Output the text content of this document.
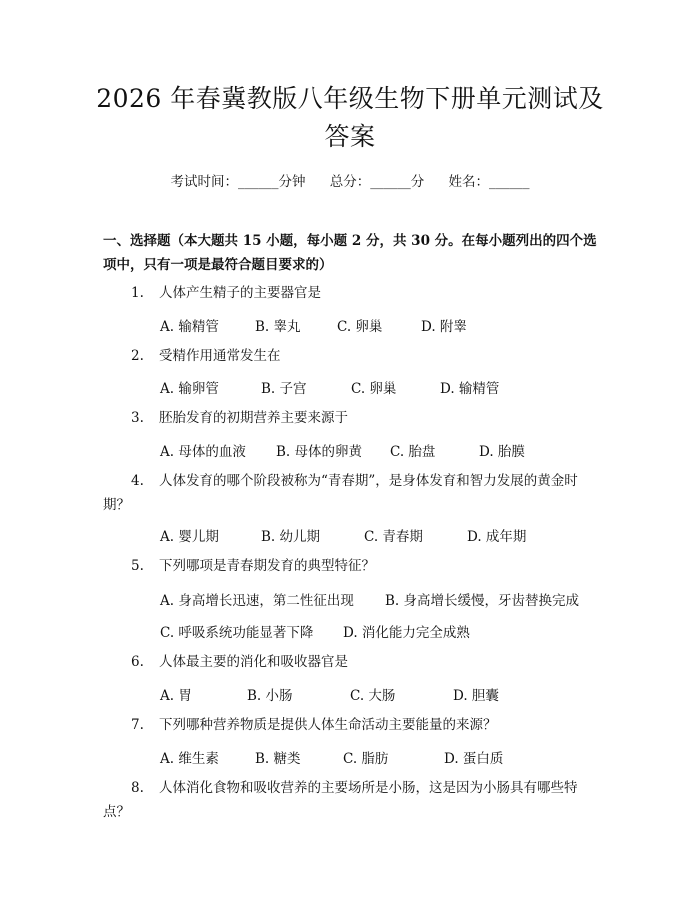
2026 年春冀教版八年级生物下册单元测试及
答案
考试时间：______分钟 总分：______分 姓名：______
一、选择题（本大题共 15 小题，每小题 2 分，共 30 分。在每小题列出的四个选
项中，只有一项是最符合题目要求的）
1. 人体产生精子的主要器官是
A. 输精管	B. 睾丸	C. 卵巢	D. 附睾
2. 受精作用通常发生在
A. 输卵管	B. 子宫	C. 卵巢	D. 输精管
3. 胚胎发育的初期营养主要来源于
A. 母体的血液 B. 母体的卵黄 C. 胎盘	D. 胎膜
4. 人体发育的哪个阶段被称为“青春期”，是身体发育和智力发展的黄金时
期？
A. 婴儿期	B. 幼儿期	C. 青春期	D. 成年期
5. 下列哪项是青春期发育的典型特征？
A. 身高增长迅速，第二性征出现 B. 身高增长缓慢，牙齿替换完成
C. 呼吸系统功能显著下降 D. 消化能力完全成熟
6. 人体最主要的消化和吸收器官是
A. 胃	B. 小肠	C. 大肠	D. 胆囊
7. 下列哪种营养物质是提供人体生命活动主要能量的来源？
A. 维生素	B. 糖类	C. 脂肪	D. 蛋白质
8. 人体消化食物和吸收营养的主要场所是小肠，这是因为小肠具有哪些特
点？
